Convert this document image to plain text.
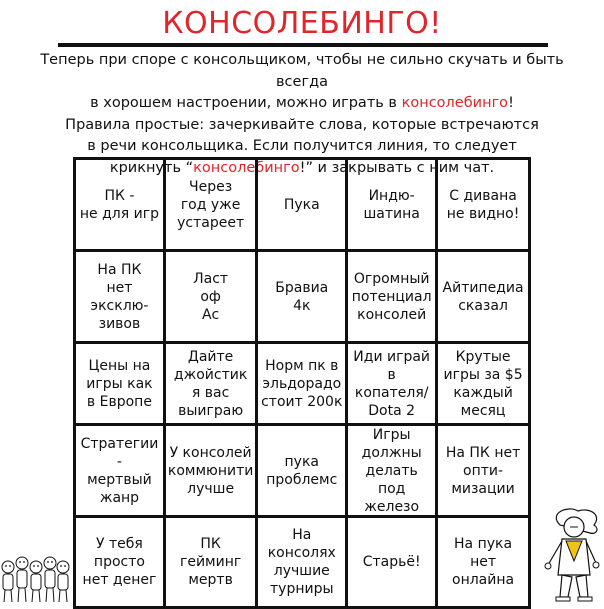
КОНСОЛЕБИНГО!
Теперь при споре с консольщиком, чтобы не сильно скучать и быть всегда
в хорошем настроении, можно играть в консолебинго!
Правила простые: зачеркивайте слова, которые встречаются
в речи консольщика. Если получится линия, то следует
крикнуть “консолебинго!” и закрывать с ним чат.
ПК -
не для игр
Через
год уже
устареет
Пука
Индю-
шатина
С дивана
не видно!
На ПК
нет
эксклю-
зивов
Ласт
оф
Ас
Бравиа
4к
Огромный
потенциал
консолей
Айтипедиа
сказал
Цены на
игры как
в Европе
Дайте
джойстик
я вас
выиграю
Норм пк в
эльдорадо
стоит 200к
Иди играй
в копателя/
Dota 2
Крутые
игры за $5
каждый
месяц
Стратегии -
мертвый
жанр
У консолей
коммюнити
лучше
пука
проблемс
Игры
должны
делать под
железо
На ПК нет
опти-
мизации
У тебя
просто
нет денег
ПК гейминг
мертв
На консолях
лучшие
турниры
Старьё!
На пука
нет
онлайна
